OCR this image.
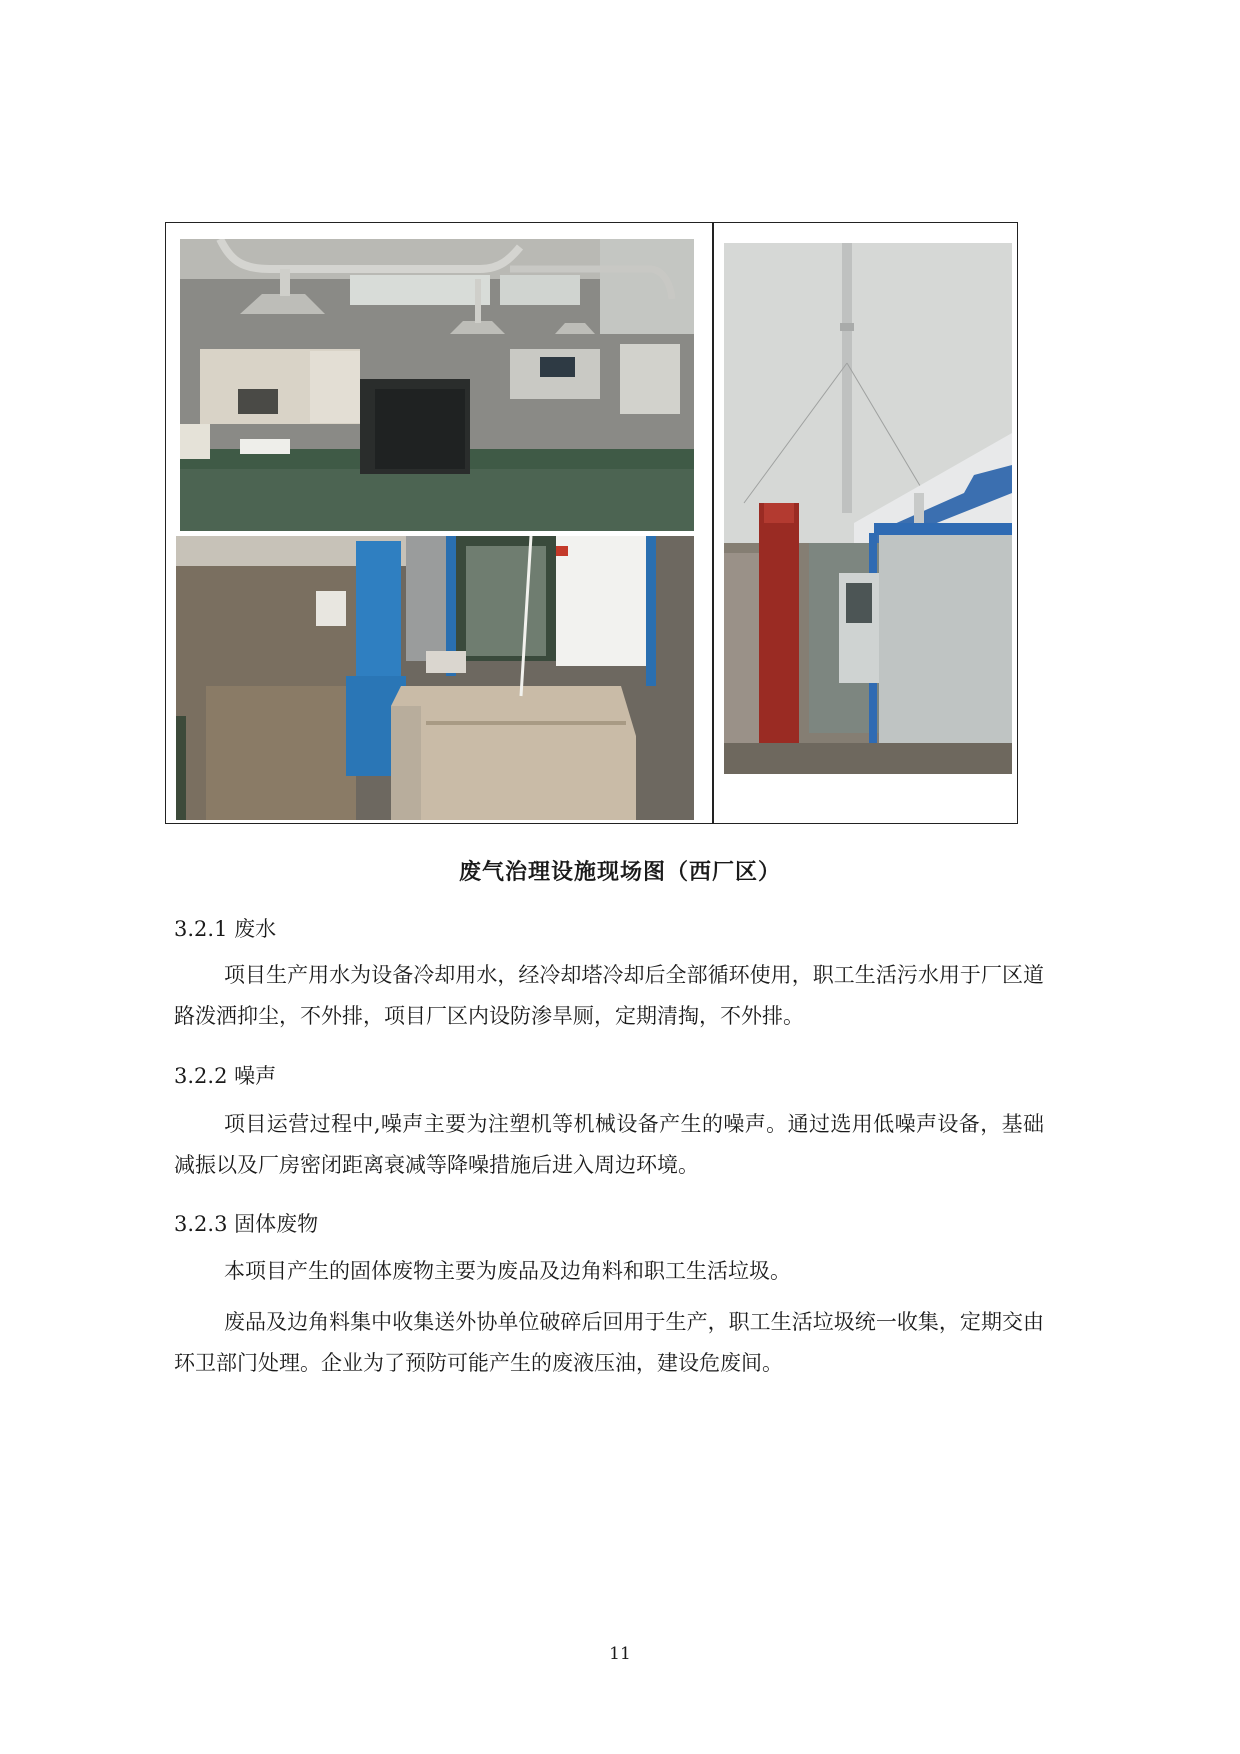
废气治理设施现场图（西厂区）
3.2.1 废水
项目生产用水为设备冷却用水，经冷却塔冷却后全部循环使用，职工生活污水用于厂区道路泼洒抑尘，不外排，项目厂区内设防渗旱厕，定期清掏，不外排。
3.2.2 噪声
项目运营过程中,噪声主要为注塑机等机械设备产生的噪声。通过选用低噪声设备，基础减振以及厂房密闭距离衰减等降噪措施后进入周边环境。
3.2.3 固体废物
本项目产生的固体废物主要为废品及边角料和职工生活垃圾。
废品及边角料集中收集送外协单位破碎后回用于生产，职工生活垃圾统一收集，定期交由环卫部门处理。企业为了预防可能产生的废液压油，建设危废间。
11
